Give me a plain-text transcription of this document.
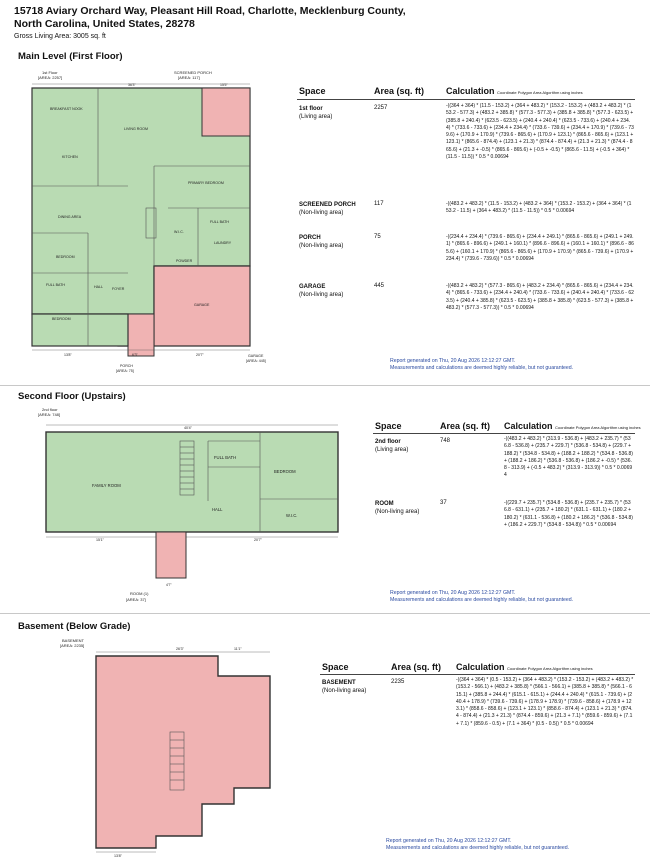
15718 Aviary Orchard Way, Pleasant Hill Road, Charlotte, Mecklenburg County, North Carolina, United States, 28278
Gross Living Area: 3005 sq. ft
Main Level (First Floor)
1st Floor
[AREA: 2257]
SCREENED PORCH
[AREA: 117]
36'3"	15'5"
BREAKFAST NOOK
LIVING ROOM
KITCHEN
PRIMARY BEDROOM
DINING AREA
BEDROOM
FULL BATH	HALL	FOYER
BEDROOM
W.I.C.
FULL BATH
LAUNDRY
POWDER
GARAGE
13'8"	6'3"	20'7"	GARAGE
[AREA: 445]
PORCH
[AREA: 75]
Space	Area (sq. ft) Calculation Coordinate Polygon Area Algorithm using inches
1st floor
(Living area)
2257	-((364 + 364) * (11.5 - 153.2) + (364 + 483.2) * (153.2 - 153.2) + (483.2 + 483.2) * (153.2 - 577.3) + (483.2 + 385.8) * (577.3 - 577.3) + (385.8 + 385.8) * (577.3 - 623.5) + (385.8 + 240.4) * (623.5 - 623.5) + (240.4 + 240.4) * (623.5 - 733.6) + (240.4 + 234.4) * (733.6 - 733.6) + (234.4 + 234.4) * (733.6 - 739.6) + (234.4 + 170.9) * (739.6 - 739.6) + (170.9 + 170.9) * (739.6 - 865.6) + (170.9 + 123.1) * (865.6 - 865.6) + (123.1 + 123.1) * (865.6 - 874.4) + (123.1 + 21.3) * (874.4 - 874.4) + (21.3 + 21.3) * (874.4 - 865.6) + (21.3 + -0.5) * (865.6 - 865.6) + (-0.5 + -0.5) * (865.6 - 11.5) + (-0.5 + 364) * (11.5 - 11.5)) * 0.5 * 0.00694
SCREENED PORCH
(Non-living area)
117	-((483.2 + 483.2) * (11.5 - 153.2) + (483.2 + 364) * (153.2 - 153.2) + (364 + 364) * (153.2 - 11.5) + (364 + 483.2) * (11.5 - 11.5)) * 0.5 * 0.00694
PORCH
(Non-living area)
75	-((234.4 + 234.4) * (739.6 - 865.6) + (234.4 + 249.1) * (865.6 - 865.6) + (249.1 + 249.1) * (865.6 - 896.6) + (249.1 + 160.1) * (896.6 - 896.6) + (160.1 + 160.1) * (896.6 - 865.6) + (160.1 + 170.9) * (865.6 - 865.6) + (170.9 + 170.9) * (865.6 - 739.6) + (170.9 + 234.4) * (739.6 - 739.6)) * 0.5 * 0.00694
GARAGE
(Non-living area)
445	-((483.2 + 483.2) * (577.3 - 865.6) + (483.2 + 234.4) * (865.6 - 865.6) + (234.4 + 234.4) * (865.6 - 733.6) + (234.4 + 240.4) * (733.6 - 733.6) + (240.4 + 240.4) * (733.6 - 623.5) + (240.4 + 385.8) * (623.5 - 623.5) + (385.8 + 385.8) * (623.5 - 577.3) + (385.8 + 483.2) * (577.3 - 577.3)) * 0.5 * 0.00694
Report generated on Thu, 20 Aug 2026 12:12:27 GMT.
Measurements and calculations are deemed highly reliable, but not guaranteed.
Second Floor (Upstairs)
2nd floor
[AREA: 748]
40'4"
FAMILY ROOM
FULL BATH
BEDROOM
HALL
W.I.C.
15'1"	20'7"
4'7"
ROOM (1)
[AREA: 37]
Space	Area (sq. ft) Calculation Coordinate Polygon Area Algorithm using inches
2nd floor
(Living area)
748	-((483.2 + 483.2) * (313.9 - 536.8) + (483.2 + 235.7) * (536.8 - 536.8) + (235.7 + 229.7) * (536.8 - 534.8) + (229.7 + 188.2) * (534.8 - 534.8) + (188.2 + 188.2) * (534.8 - 536.8) + (188.2 + 186.2) * (536.8 - 536.8) + (186.2 + -0.5) * (536.8 - 313.9) + (-0.5 + 483.2) * (313.9 - 313.9)) * 0.5 * 0.00694
ROOM
(Non-living area)
37	-((229.7 + 235.7) * (534.8 - 536.8) + (235.7 + 235.7) * (536.8 - 631.1) + (235.7 + 180.2) * (631.1 - 631.1) + (180.2 + 180.2) * (631.1 - 536.8) + (180.2 + 186.2) * (536.8 - 534.8) + (186.2 + 229.7) * (534.8 - 534.8)) * 0.5 * 0.00694
Report generated on Thu, 20 Aug 2026 12:12:27 GMT.
Measurements and calculations are deemed highly reliable, but not guaranteed.
Basement (Below Grade)
BASEMENT
[AREA: 2235]
26'3"	11'1"
13'8"
Space	Area (sq. ft) Calculation Coordinate Polygon Area Algorithm using inches
BASEMENT
(Non-living area)
2235	-((364 + 364) * (0.5 - 153.2) + (364 + 483.2) * (153.2 - 153.2) + (483.2 + 483.2) * (153.2 - 566.1) + (483.2 + 385.8) * (566.1 - 566.1) + (385.8 + 385.8) * (566.1 - 615.1) + (385.8 + 244.4) * (615.1 - 615.1) + (244.4 + 240.4) * (615.1 - 739.6) + (240.4 + 178.9) * (739.6 - 739.6) + (178.9 + 178.9) * (739.6 - 858.6) + (178.9 + 123.1) * (858.6 - 858.6) + (123.1 + 123.1) * (858.6 - 874.4) + (123.1 + 21.3) * (874.4 - 874.4) + (21.3 + 21.3) * (874.4 - 859.6) + (21.3 + 7.1) * (859.6 - 859.6) + (7.1 + 7.1) * (859.6 - 0.5) + (7.1 + 364) * (0.5 - 0.5)) * 0.5 * 0.00694
Report generated on Thu, 20 Aug 2026 12:12:27 GMT.
Measurements and calculations are deemed highly reliable, but not guaranteed.
